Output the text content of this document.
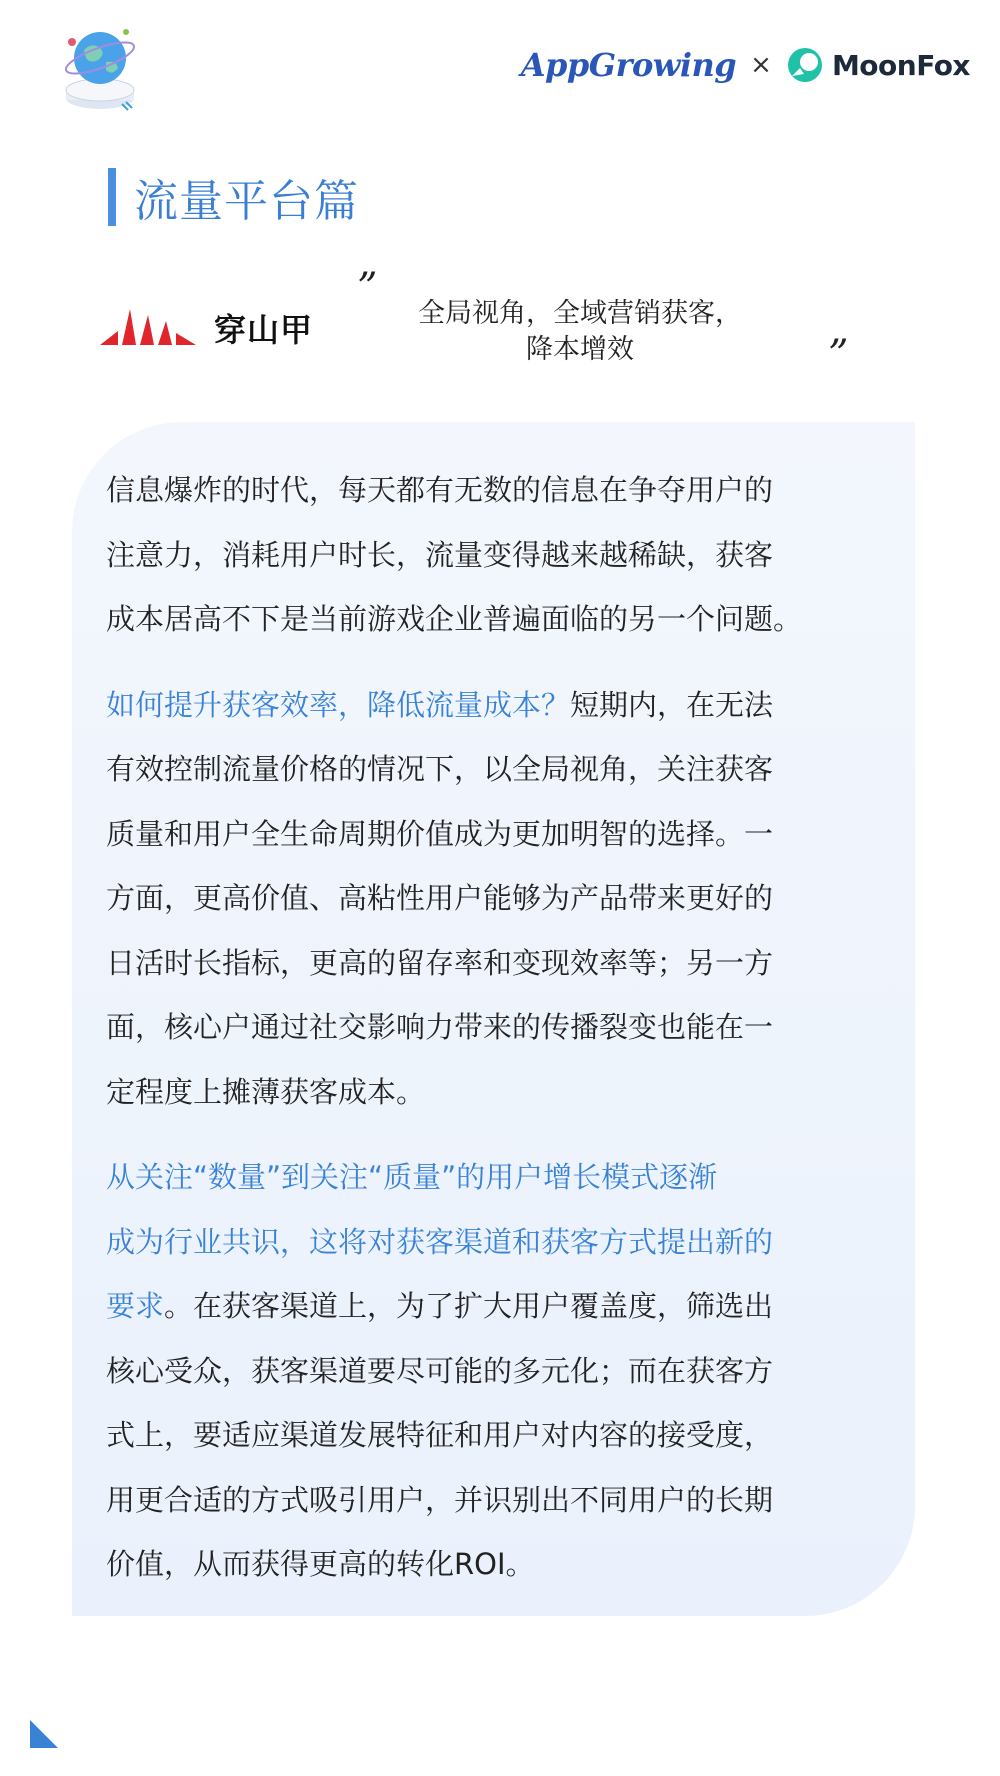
AppGrowing × MoonFox
流量平台篇
穿山甲
”
全局视角，全域营销获客，
降本增效	”
信息爆炸的时代，每天都有无数的信息在争夺用户的
注意力，消耗用户时长，流量变得越来越稀缺，获客
成本居高不下是当前游戏企业普遍面临的另一个问题。
如何提升获客效率，降低流量成本？短期内，在无法
有效控制流量价格的情况下，以全局视角，关注获客
质量和用户全生命周期价值成为更加明智的选择。一
方面，更高价值、高粘性用户能够为产品带来更好的
日活时长指标，更高的留存率和变现效率等；另一方
面，核心户通过社交影响力带来的传播裂变也能在一
定程度上摊薄获客成本。
从关注“数量”到关注“质量”的用户增长模式逐渐
成为行业共识，这将对获客渠道和获客方式提出新的
要求。在获客渠道上，为了扩大用户覆盖度，筛选出
核心受众，获客渠道要尽可能的多元化；而在获客方
式上，要适应渠道发展特征和用户对内容的接受度，
用更合适的方式吸引用户，并识别出不同用户的长期
价值，从而获得更高的转化ROI。
